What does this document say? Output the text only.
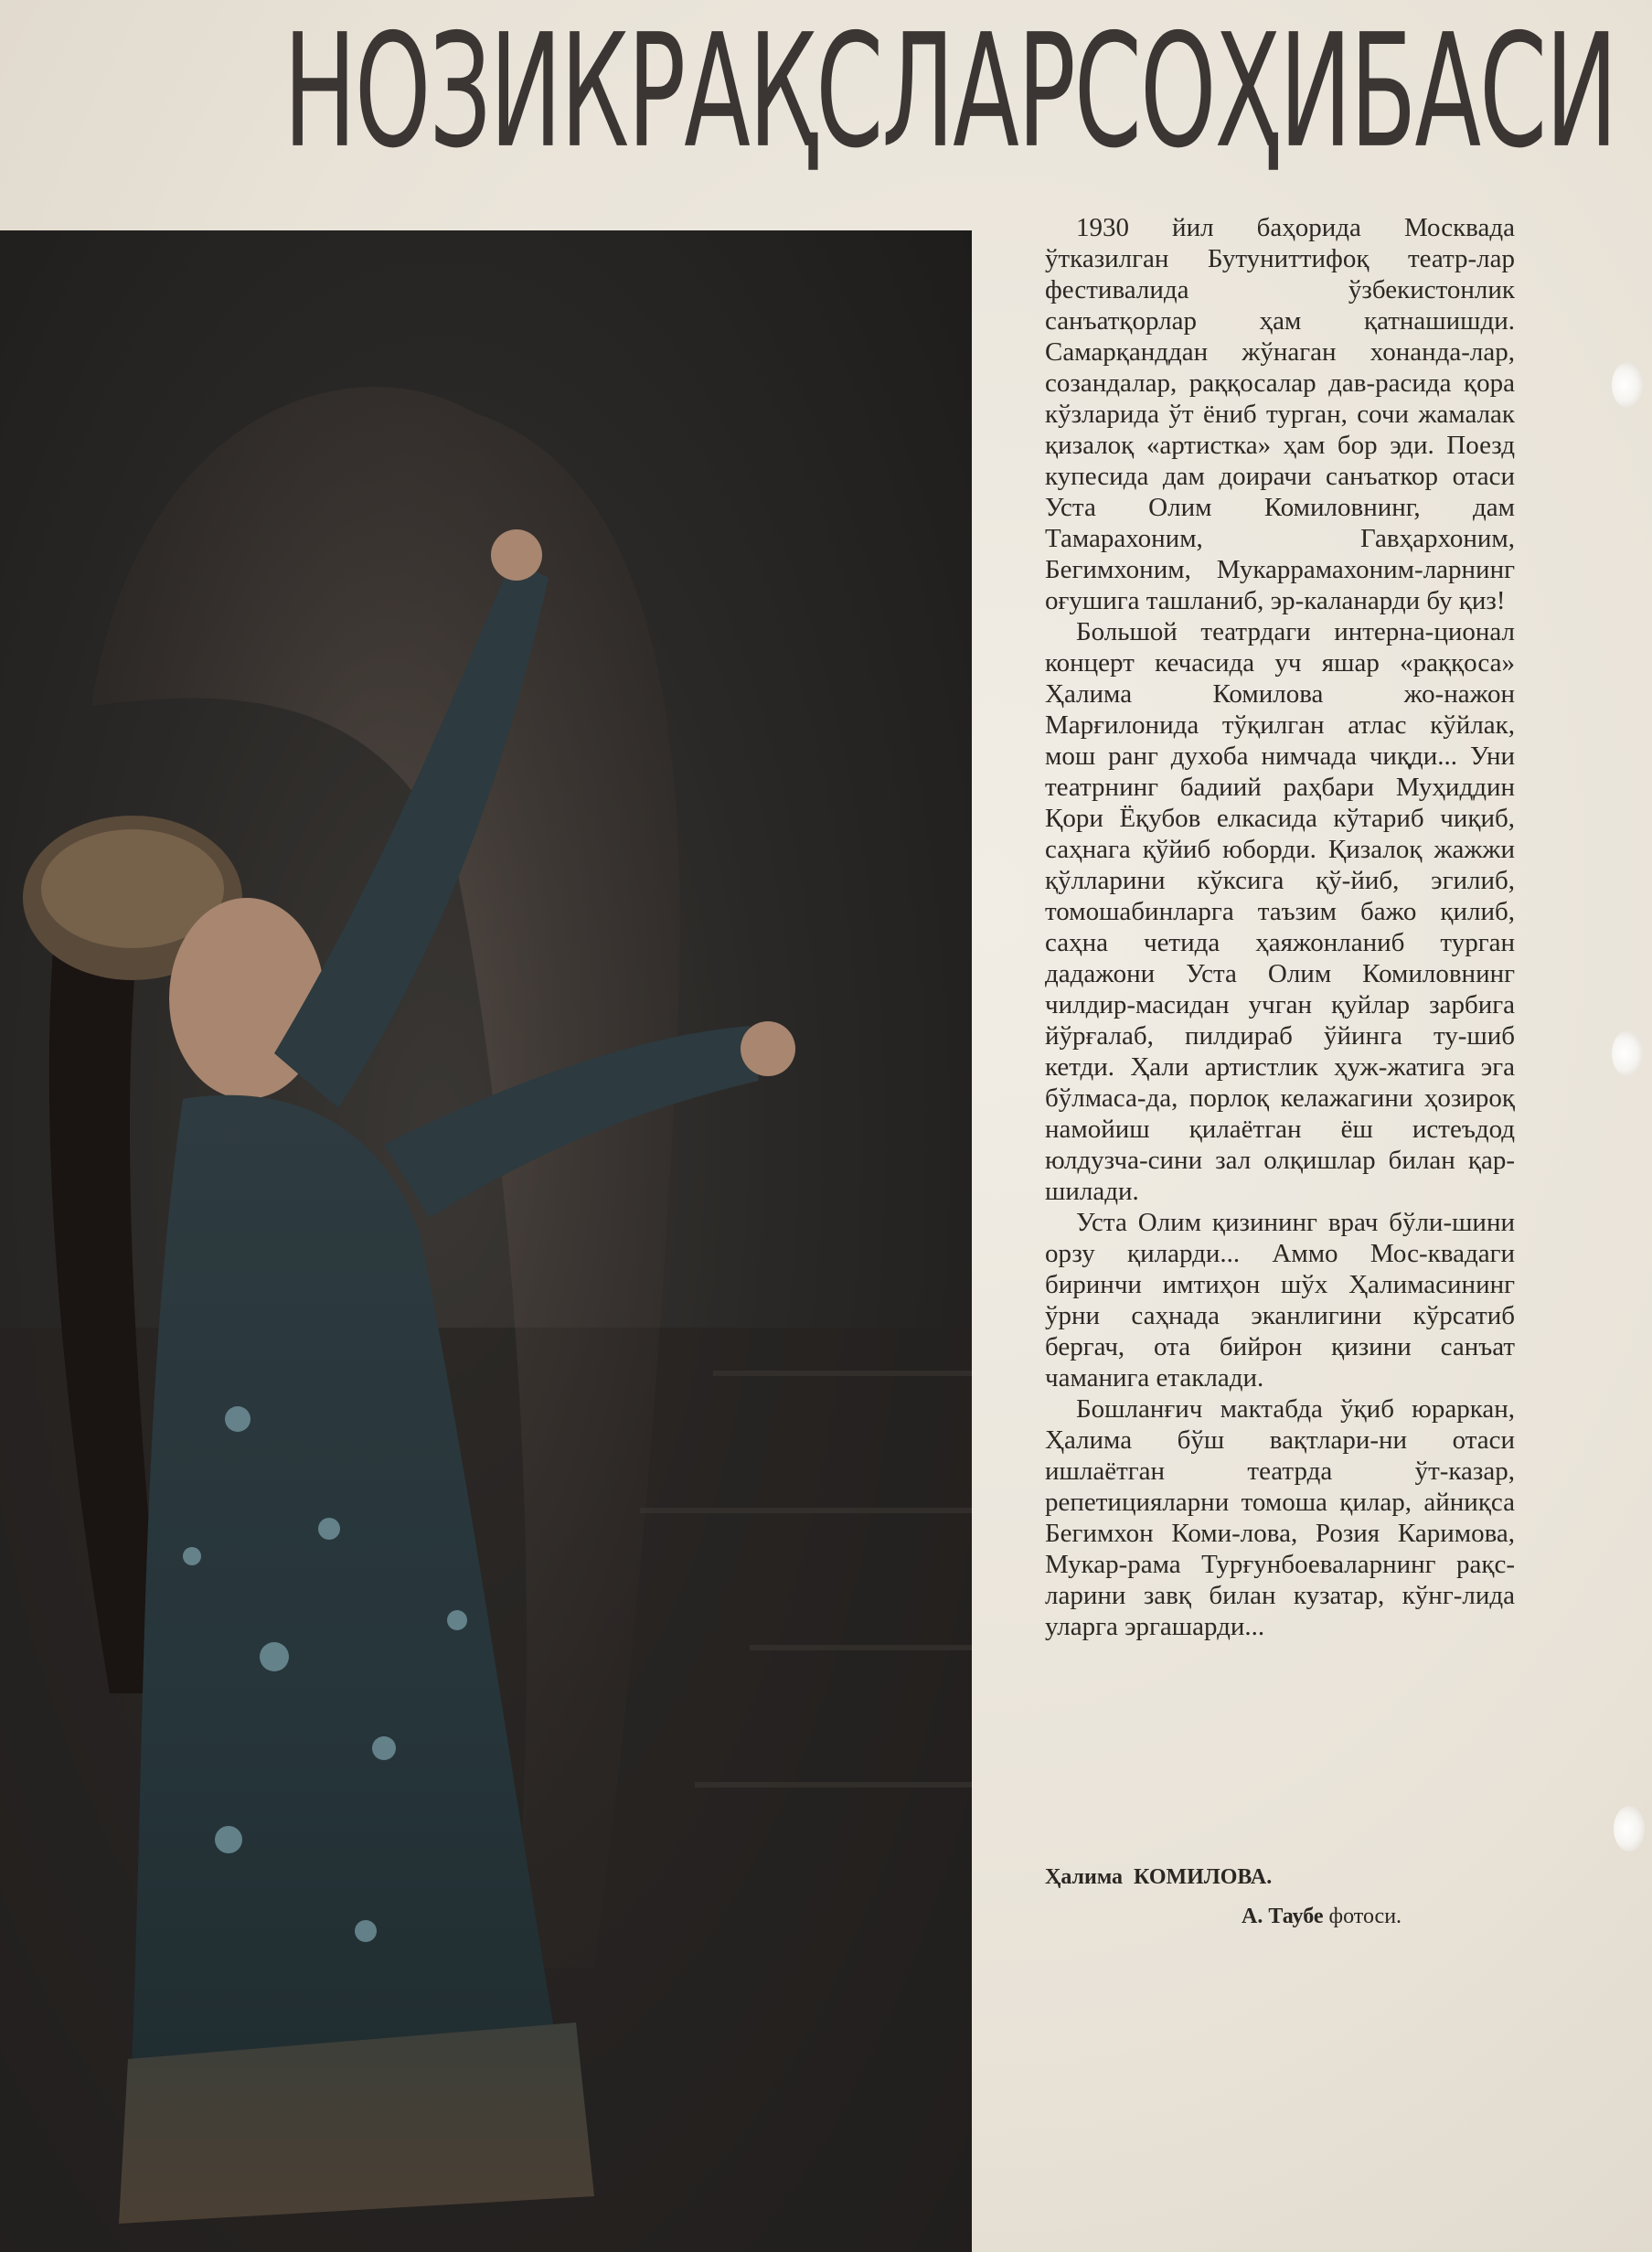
НОЗИК РАҚСЛАР СОҲИБАСИ

1930 йил баҳорида Москвада ўтказилган Бутуниттифоқ театр-лар фестивалида ўзбекистонлик санъатқорлар ҳам қатнашишди. Самарқанддан жўнаган хонанда-лар, созандалар, раққосалар дав-расида қора кўзларида ўт ёниб турган, сочи жамалак қизалоқ «артистка» ҳам бор эди. Поезд купесида дам доирачи санъаткор отаси Уста Олим Комиловнинг, дам Тамарахоним, Гавҳархоним, Бегимхоним, Мукаррамахоним-ларнинг оғушига ташланиб, эр-каланарди бу қиз!

Большой театрдаги интерна-ционал концерт кечасида уч яшар «раққоса» Ҳалима Комилова жо-нажон Марғилонида тўқилган атлас кўйлак, мош ранг духоба нимчада чиқди... Уни театрнинг бадиий раҳбари Муҳиддин Қори Ёқубов елкасида кўтариб чиқиб, саҳнага қўйиб юборди. Қизалоқ жажжи қўлларини кўксига қў-йиб, эгилиб, томошабинларга таъзим бажо қилиб, саҳна четида ҳаяжонланиб турган дадажони Уста Олим Комиловнинг чилдир-масидан учган қуйлар зарбига йўрғалаб, пилдираб ўйинга ту-шиб кетди. Ҳали артистлик ҳуж-жатига эга бўлмаса-да, порлоқ келажагини ҳозироқ намойиш қилаётган ёш истеъдод юлдузча-сини зал олқишлар билан қар-шилади.

Уста Олим қизининг врач бўли-шини орзу қиларди... Аммо Мос-квадаги биринчи имтиҳон шўх Ҳалимасининг ўрни саҳнада эканлигини кўрсатиб бергач, ота бийрон қизини санъат чаманига етаклади.

Бошланғич мактабда ўқиб юраркан, Ҳалима бўш вақтлари-ни отаси ишлаётган театрда ўт-казар, репетицияларни томоша қилар, айниқса Бегимхон Коми-лова, Розия Каримова, Мукар-рама Турғунбоеваларнинг рақс-ларини завқ билан кузатар, кўнг-лида уларга эргашарди...

Ҳалима КОМИЛОВА.
А. Таубе фотоси.
